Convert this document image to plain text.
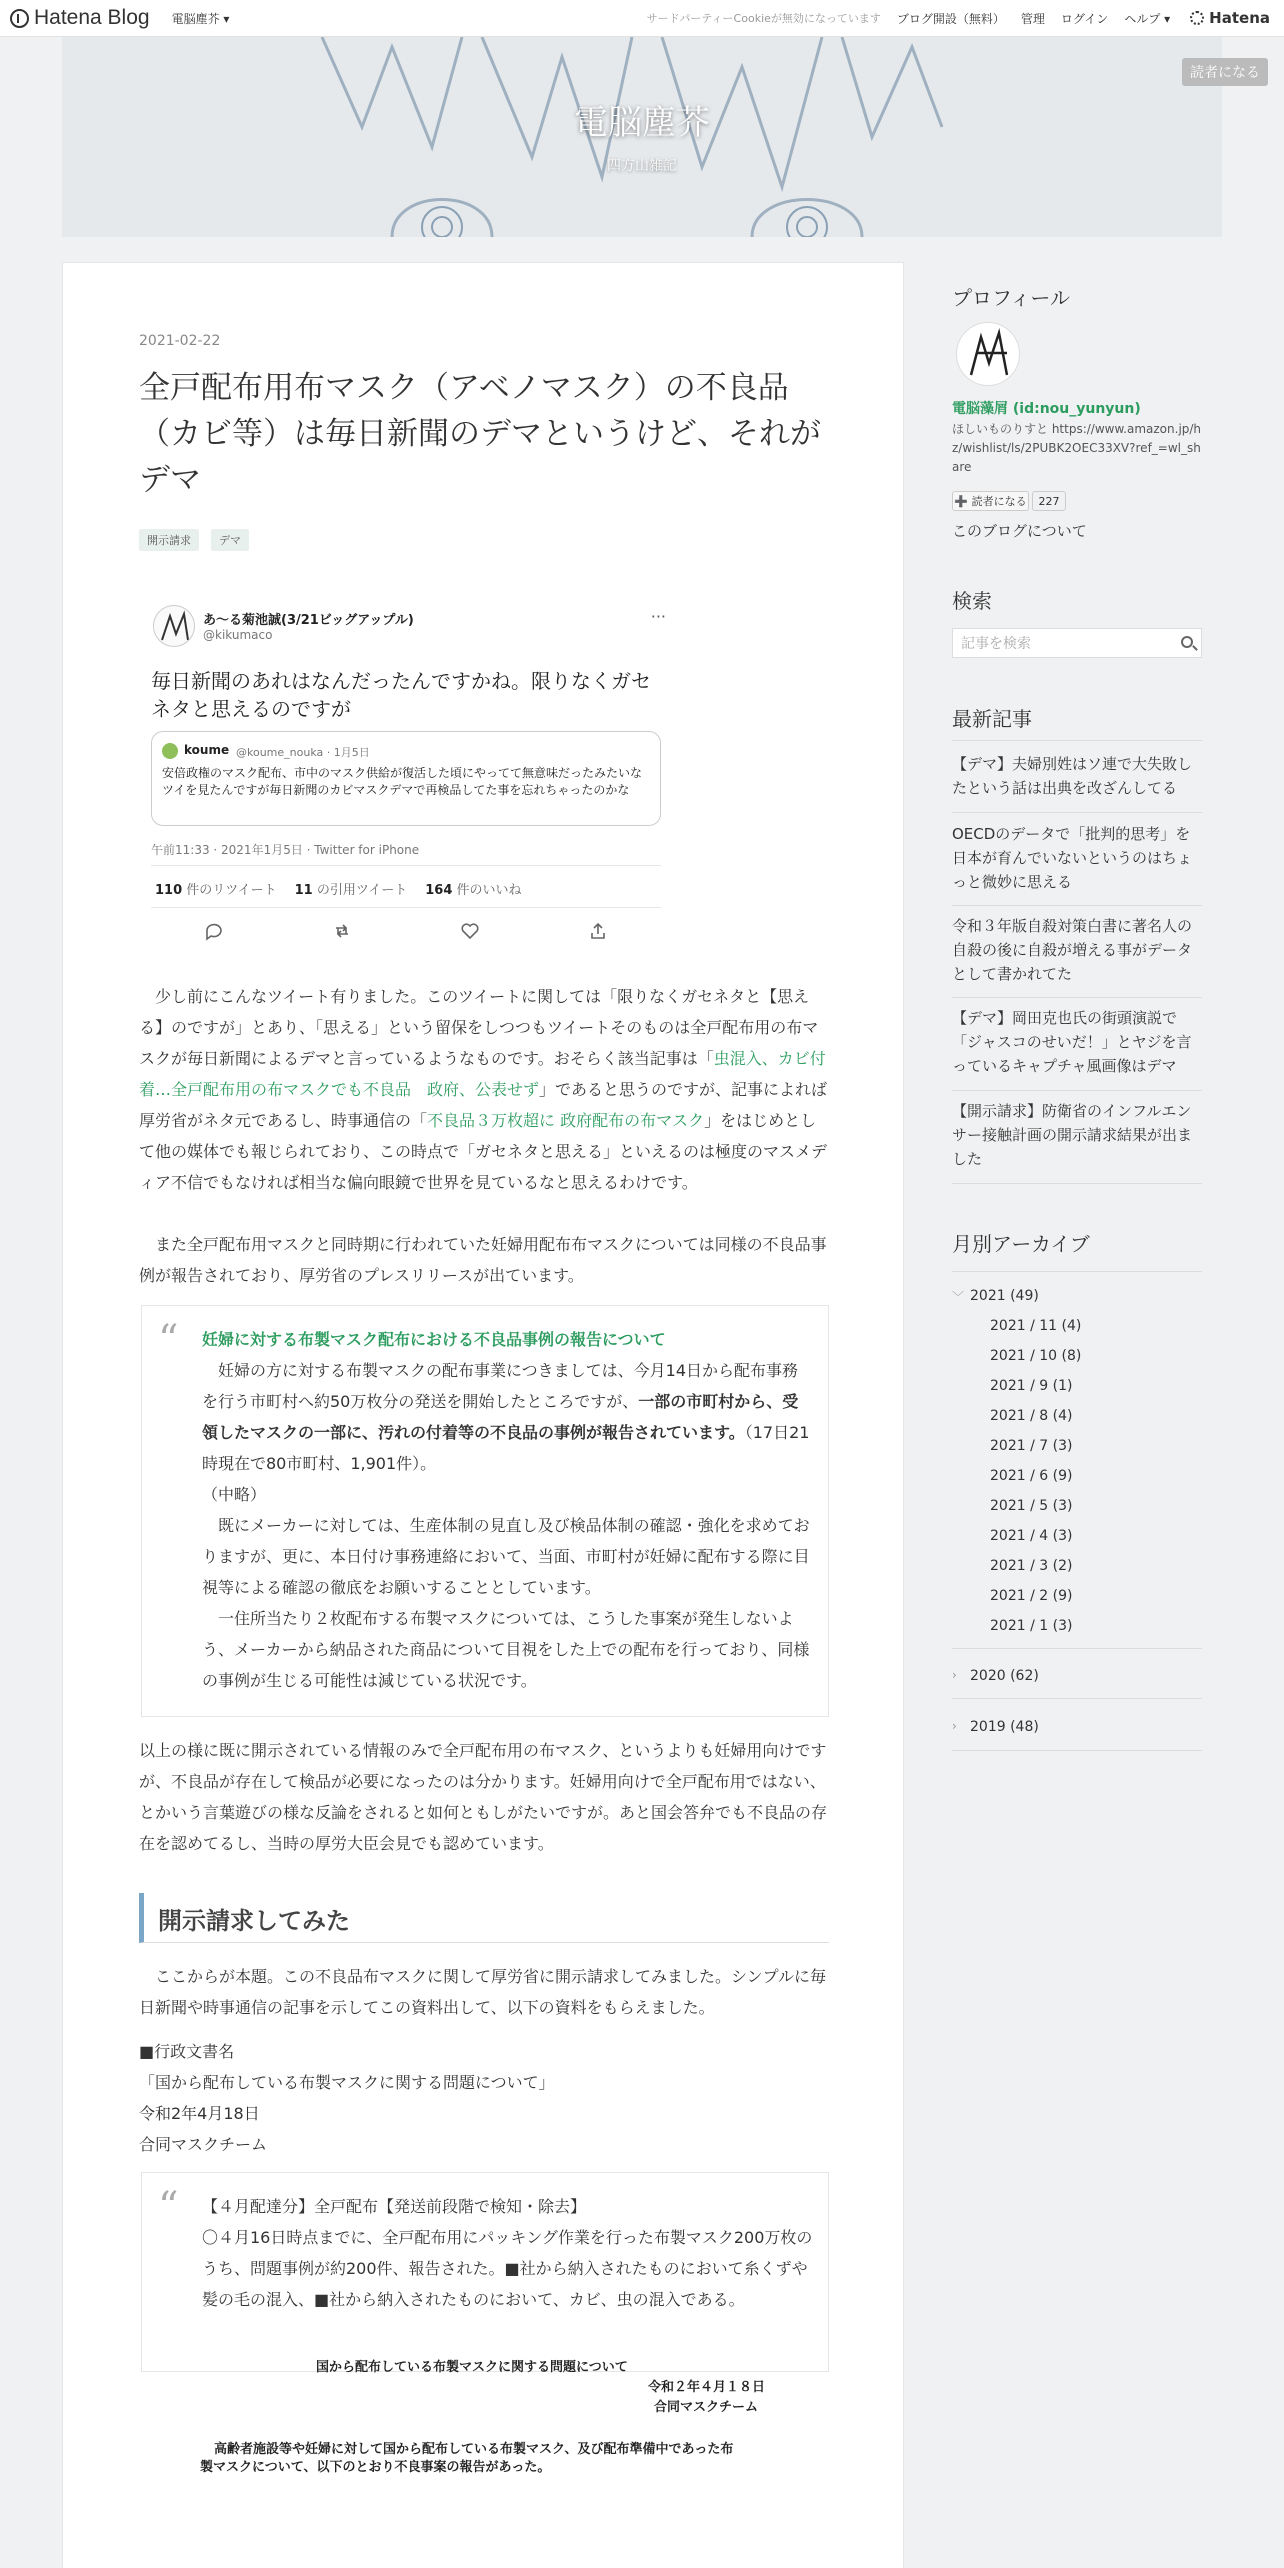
Hatena Blog 電脳塵芥 ▾	サードパーティーCookieが無効になっています ブログ開設（無料） 管理 ログイン ヘルプ ▾	Hatena
電脳塵芥
四方山雑記
読者になる
2021-02-22
全戸配布用布マスク（アベノマスク）の不良品（カビ等）は毎日新聞のデマというけど、それがデマ
開示請求	デマ
あ〜る菊池誠(3/21ビッグアップル)
@kikumaco
···
毎日新聞のあれはなんだったんですかね。限りなくガセネタと思えるのですが
koume @koume_nouka · 1月5日
安倍政権のマスク配布、市中のマスク供給が復活した頃にやってて無意味だったみたいなツイを見たんですが毎日新聞のカビマスクデマで再検品してた事を忘れちゃったのかな
午前11:33 · 2021年1月5日 · Twitter for iPhone
110 件のリツイート 11 の引用ツイート 164 件のいいね
少し前にこんなツイート有りました。このツイートに関しては「限りなくガセネタと【思える】のですが」とあり、「思える」という留保をしつつもツイートそのものは全戸配布用の布マスクが毎日新聞によるデマと言っているようなものです。おそらく該当記事は「虫混入、カビ付着…全戸配布用の布マスクでも不良品　政府、公表せず」であると思うのですが、記事によれば厚労省がネタ元であるし、時事通信の「不良品３万枚超に 政府配布の布マスク」をはじめとして他の媒体でも報じられており、この時点で「ガセネタと思える」といえるのは極度のマスメディア不信でもなければ相当な偏向眼鏡で世界を見ているなと思えるわけです。
また全戸配布用マスクと同時期に行われていた妊婦用配布布マスクについては同様の不良品事例が報告されており、厚労省のプレスリリースが出ています。
“ 妊婦に対する布製マスク配布における不良品事例の報告について
妊婦の方に対する布製マスクの配布事業につきましては、今月14日から配布事務を行う市町村へ約50万枚分の発送を開始したところですが、一部の市町村から、受領したマスクの一部に、汚れの付着等の不良品の事例が報告されています。（17日21時現在で80市町村、1,901件）。
（中略）
既にメーカーに対しては、生産体制の見直し及び検品体制の確認・強化を求めておりますが、更に、本日付け事務連絡において、当面、市町村が妊婦に配布する際に目視等による確認の徹底をお願いすることとしています。
一住所当たり２枚配布する布製マスクについては、こうした事案が発生しないよう、メーカーから納品された商品について目視をした上での配布を行っており、同様の事例が生じる可能性は減じている状況です。
以上の様に既に開示されている情報のみで全戸配布用の布マスク、というよりも妊婦用向けですが、不良品が存在して検品が必要になったのは分かります。妊婦用向けで全戸配布用ではない、とかいう言葉遊びの様な反論をされると如何ともしがたいですが。あと国会答弁でも不良品の存在を認めてるし、当時の厚労大臣会見でも認めています。
開示請求してみた
ここからが本題。この不良品布マスクに関して厚労省に開示請求してみました。シンプルに毎日新聞や時事通信の記事を示してこの資料出して、以下の資料をもらえました。
■行政文書名
「国から配布している布製マスクに関する問題について」
令和2年4月18日
合同マスクチーム
“ 【４月配達分】全戸配布【発送前段階で検知・除去】
〇４月16日時点までに、全戸配布用にパッキング作業を行った布製マスク200万枚のうち、問題事例が約200件、報告された。■社から納入されたものにおいて糸くずや髪の毛の混入、■社から納入されたものにおいて、カビ、虫の混入である。
国から配布している布製マスクに関する問題について
令和２年４月１８日
合同マスクチーム
高齢者施設等や妊婦に対して国から配布している布製マスク、及び配布準備中であった布
製マスクについて、以下のとおり不良事案の報告があった。
プロフィール
電脳藻屑 (id:nou_yunyun)
ほしいものりすと https://www.amazon.jp/hz/wishlist/ls/2PUBK2OEC33XV?ref_=wl_share
➕ 読者になる	227
このブログについて
検索
記事を検索
最新記事
【デマ】夫婦別姓はソ連で大失敗したという話は出典を改ざんしてる
OECDのデータで「批判的思考」を日本が育んでいないというのはちょっと微妙に思える
令和３年版自殺対策白書に著名人の自殺の後に自殺が増える事がデータとして書かれてた
【デマ】岡田克也氏の街頭演説で「ジャスコのせいだ！」とヤジを言っているキャプチャ風画像はデマ
【開示請求】防衛省のインフルエンサー接触計画の開示請求結果が出ました
月別アーカイブ
﹀ 2021 (49)
2021 / 11 (4)
2021 / 10 (8)
2021 / 9 (1)
2021 / 8 (4)
2021 / 7 (3)
2021 / 6 (9)
2021 / 5 (3)
2021 / 4 (3)
2021 / 3 (2)
2021 / 2 (9)
2021 / 1 (3)
› 2020 (62)
› 2019 (48)
